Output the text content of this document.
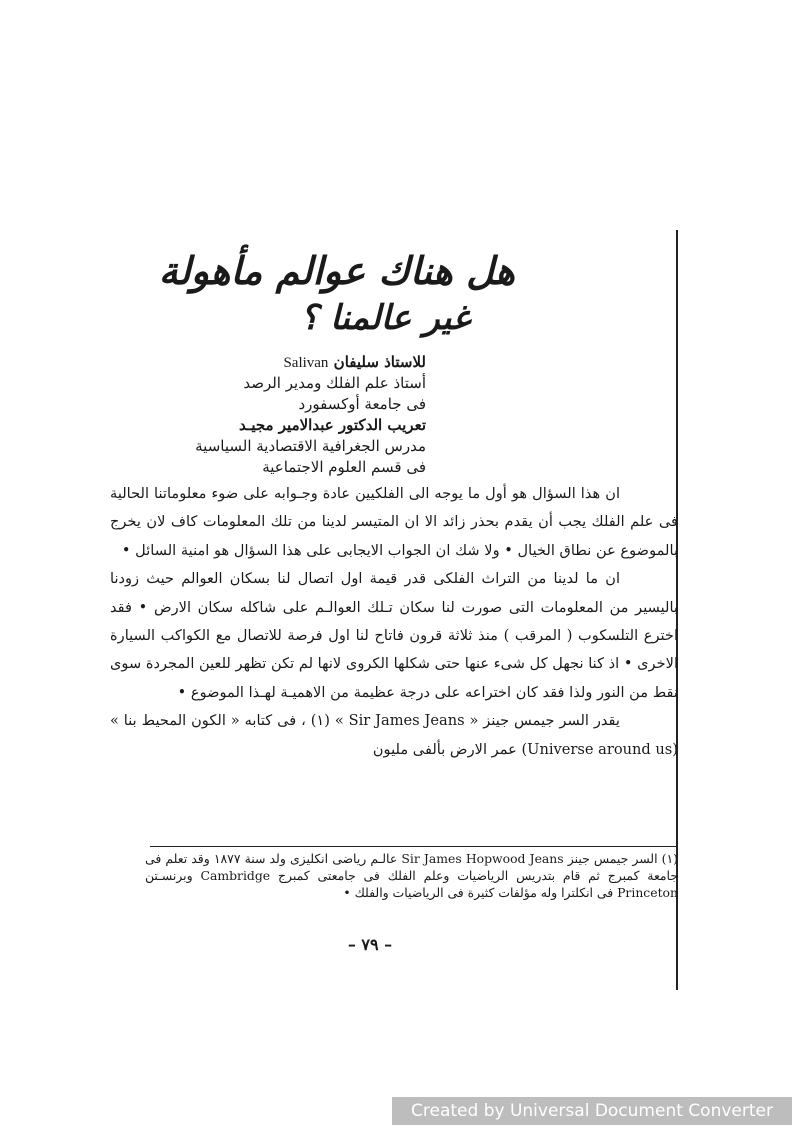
هل هناك عوالم مأهولة
غير عالمنا ؟
للاستاذ سليفان Salivan
أستاذ علم الفلك ومدير الرصد
فى جامعة أوكسفورد
تعريب الدكتور عبدالامير مجيـد
مدرس الجغرافية الاقتصادية السياسية
فى قسم العلوم الاجتماعية

ان هذا السؤال هو أول ما يوجه الى الفلكيين عادة وجـوابه على ضوء معلوماتنا الحالية فى علم الفلك يجب أن يقدم بحذر زائد الا ان المتيسر لدينا من تلك المعلومات كاف لان يخرج بالموضوع عن نطاق الخيال • ولا شك ان الجواب الايجابى على هذا السؤال هو امنية السائل •

ان ما لدينا من التراث الفلكى قدر قيمة اول اتصال لنا بسكان العوالم حيث زودنا باليسير من المعلومات التى صورت لنا سكان تـلك العوالـم على شاكله سكان الارض • فقد اخترع التلسكوب ( المرقب ) منذ ثلاثة قرون فاتاح لنا اول فرصة للاتصال مع الكواكب السيارة الاخرى • اذ كنا نجهل كل شىء عنها حتى شكلها الكروى لانها لم تكن تظهر للعين المجردة سوى نقط من النور ولذا فقد كان اختراعه على درجة عظيمة من الاهميـة لهـذا الموضوع •

يقدر السر جيمس جينز « Sir James Jeans » (١) ، فى كتابه « الكون المحيط بنا » (Universe around us) عمر الارض بألفى مليون

(١) السر جيمس جينز Sir James Hopwood Jeans عالـم رياضى انكليزى ولد سنة ١٨٧٧ وقد تعلم فى جامعة كمبرج ثم قام بتدريس الرياضيات وعلم الفلك فى جامعتى كمبرج Cambridge وبرنسـتن Princeton فى انكلترا وله مؤلفات كثيرة فى الرياضيات والفلك •

– ٧٩ –
Created by Universal Document Converter
